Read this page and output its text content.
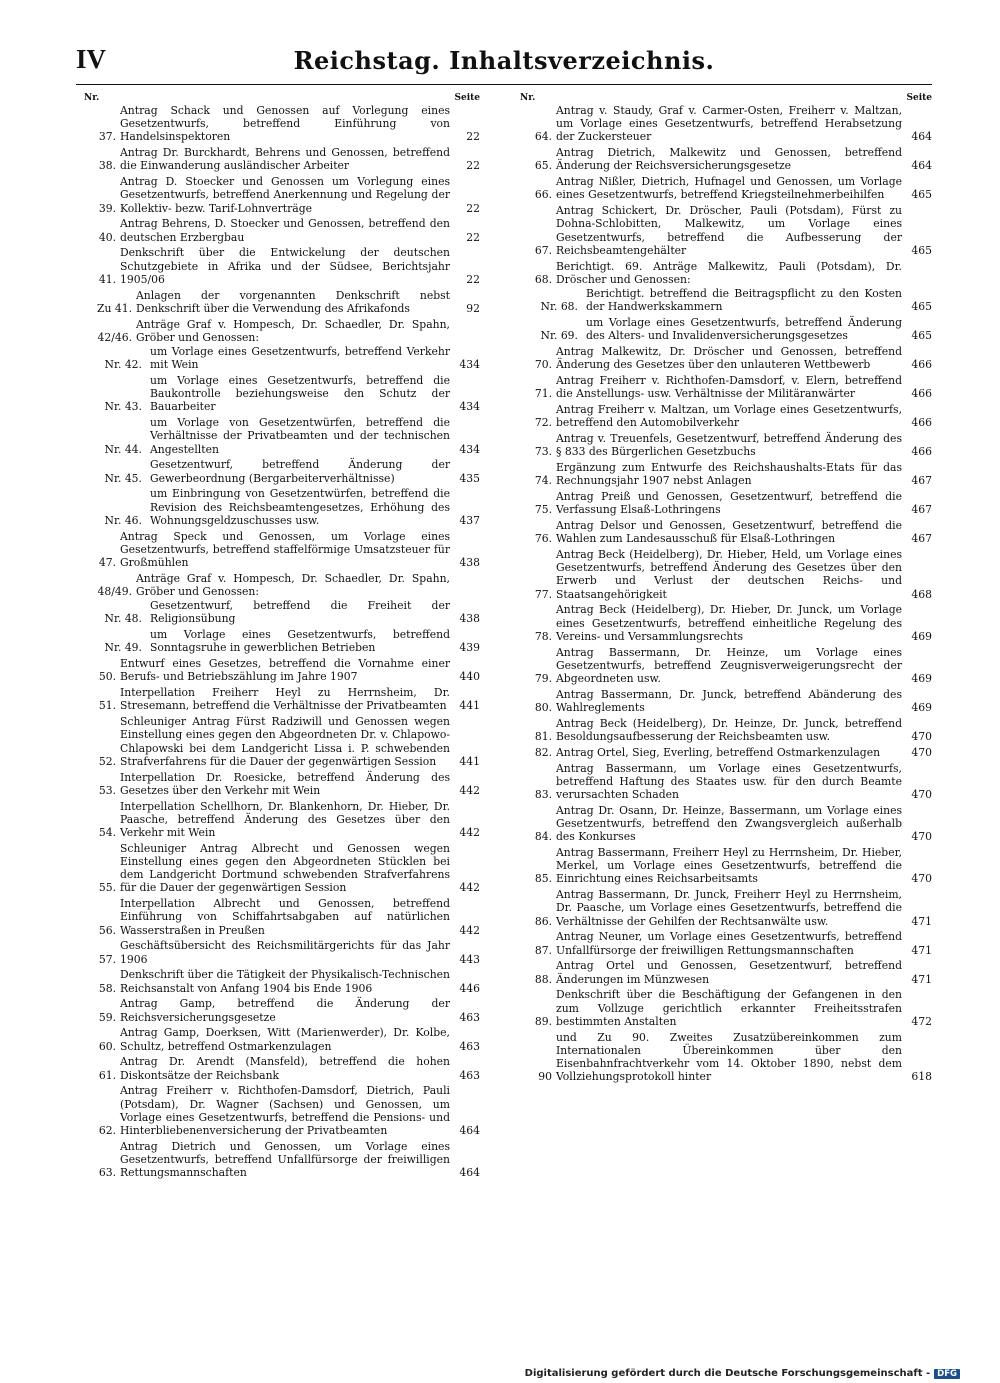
IV	Reichstag. Inhaltsverzeichnis.
Nr.	Seite
37.
Antrag Schack und Genossen auf Vorlegung eines Gesetzentwurfs, betreffend Einführung von Handelsinspektoren	22
38.
Antrag Dr. Burckhardt, Behrens und Genossen, betreffend die Einwanderung ausländischer Arbeiter	22
39.
Antrag D. Stoecker und Genossen um Vorlegung eines Gesetzentwurfs, betreffend Anerkennung und Regelung der Kollektiv- bezw. Tarif-Lohnverträge	22
40.
Antrag Behrens, D. Stoecker und Genossen, betreffend den deutschen Erzbergbau	22
41.
Denkschrift über die Entwickelung der deutschen Schutzgebiete in Afrika und der Südsee, Berichtsjahr 1905/06	22
Zu 41.
Anlagen der vorgenannten Denkschrift nebst Denkschrift über die Verwendung des Afrikafonds	92
42/46.
Anträge Graf v. Hompesch, Dr. Schaedler, Dr. Spahn, Gröber und Genossen:
Nr. 42.
um Vorlage eines Gesetzentwurfs, betreffend Verkehr mit Wein	434
Nr. 43.
um Vorlage eines Gesetzentwurfs, betreffend die Baukontrolle beziehungsweise den Schutz der Bauarbeiter	434
Nr. 44.
um Vorlage von Gesetzentwürfen, betreffend die Verhältnisse der Privatbeamten und der technischen Angestellten	434
Nr. 45.
Gesetzentwurf, betreffend Änderung der Gewerbeordnung (Bergarbeiterverhältnisse)	435
Nr. 46.
um Einbringung von Gesetzentwürfen, betreffend die Revision des Reichsbeamtengesetzes, Erhöhung des Wohnungsgeldzuschusses usw.	437
47.
Antrag Speck und Genossen, um Vorlage eines Gesetzentwurfs, betreffend staffelförmige Umsatzsteuer für Großmühlen	438
48/49.
Anträge Graf v. Hompesch, Dr. Schaedler, Dr. Spahn, Gröber und Genossen:
Nr. 48.
Gesetzentwurf, betreffend die Freiheit der Religionsübung	438
Nr. 49.
um Vorlage eines Gesetzentwurfs, betreffend Sonntagsruhe in gewerblichen Betrieben	439
50.
Entwurf eines Gesetzes, betreffend die Vornahme einer Berufs- und Betriebszählung im Jahre 1907	440
51.
Interpellation Freiherr Heyl zu Herrnsheim, Dr. Stresemann, betreffend die Verhältnisse der Privatbeamten	441
52.
Schleuniger Antrag Fürst Radziwill und Genossen wegen Einstellung eines gegen den Abgeordneten Dr. v. Chlapowo-Chlapowski bei dem Landgericht Lissa i. P. schwebenden Strafverfahrens für die Dauer der gegenwärtigen Session	441
53.
Interpellation Dr. Roesicke, betreffend Änderung des Gesetzes über den Verkehr mit Wein	442
54.
Interpellation Schellhorn, Dr. Blankenhorn, Dr. Hieber, Dr. Paasche, betreffend Änderung des Gesetzes über den Verkehr mit Wein	442
55.
Schleuniger Antrag Albrecht und Genossen wegen Einstellung eines gegen den Abgeordneten Stücklen bei dem Landgericht Dortmund schwebenden Strafverfahrens für die Dauer der gegenwärtigen Session	442
56.
Interpellation Albrecht und Genossen, betreffend Einführung von Schiffahrtsabgaben auf natürlichen Wasserstraßen in Preußen	442
57.
Geschäftsübersicht des Reichsmilitärgerichts für das Jahr 1906	443
58.
Denkschrift über die Tätigkeit der Physikalisch-Technischen Reichsanstalt von Anfang 1904 bis Ende 1906	446
59.
Antrag Gamp, betreffend die Änderung der Reichsversicherungsgesetze	463
60.
Antrag Gamp, Doerksen, Witt (Marienwerder), Dr. Kolbe, Schultz, betreffend Ostmarkenzulagen	463
61.
Antrag Dr. Arendt (Mansfeld), betreffend die hohen Diskontsätze der Reichsbank	463
62.
Antrag Freiherr v. Richthofen-Damsdorf, Dietrich, Pauli (Potsdam), Dr. Wagner (Sachsen) und Genossen, um Vorlage eines Gesetzentwurfs, betreffend die Pensions- und Hinterbliebenenversicherung der Privatbeamten	464
63.
Antrag Dietrich und Genossen, um Vorlage eines Gesetzentwurfs, betreffend Unfallfürsorge der freiwilligen Rettungsmannschaften	464
Nr.	Seite
64.
Antrag v. Staudy, Graf v. Carmer-Osten, Freiherr v. Maltzan, um Vorlage eines Gesetzentwurfs, betreffend Herabsetzung der Zuckersteuer	464
65.
Antrag Dietrich, Malkewitz und Genossen, betreffend Änderung der Reichsversicherungsgesetze	464
66.
Antrag Nißler, Dietrich, Hufnagel und Genossen, um Vorlage eines Gesetzentwurfs, betreffend Kriegsteilnehmerbeihilfen	465
67.
Antrag Schickert, Dr. Dröscher, Pauli (Potsdam), Fürst zu Dohna-Schlobitten, Malkewitz, um Vorlage eines Gesetzentwurfs, betreffend die Aufbesserung der Reichsbeamtengehälter	465
68.
Berichtigt. 69. Anträge Malkewitz, Pauli (Potsdam), Dr. Dröscher und Genossen:
Nr. 68.
Berichtigt. betreffend die Beitragspflicht zu den Kosten der Handwerkskammern	465
Nr. 69.
um Vorlage eines Gesetzentwurfs, betreffend Änderung des Alters- und Invalidenversicherungsgesetzes	465
70.
Antrag Malkewitz, Dr. Dröscher und Genossen, betreffend Änderung des Gesetzes über den unlauteren Wettbewerb	466
71.
Antrag Freiherr v. Richthofen-Damsdorf, v. Elern, betreffend die Anstellungs- usw. Verhältnisse der Militäranwärter	466
72.
Antrag Freiherr v. Maltzan, um Vorlage eines Gesetzentwurfs, betreffend den Automobilverkehr	466
73.
Antrag v. Treuenfels, Gesetzentwurf, betreffend Änderung des § 833 des Bürgerlichen Gesetzbuchs	466
74.
Ergänzung zum Entwurfe des Reichshaushalts-Etats für das Rechnungsjahr 1907 nebst Anlagen	467
75.
Antrag Preiß und Genossen, Gesetzentwurf, betreffend die Verfassung Elsaß-Lothringens	467
76.
Antrag Delsor und Genossen, Gesetzentwurf, betreffend die Wahlen zum Landesausschuß für Elsaß-Lothringen	467
77.
Antrag Beck (Heidelberg), Dr. Hieber, Held, um Vorlage eines Gesetzentwurfs, betreffend Änderung des Gesetzes über den Erwerb und Verlust der deutschen Reichs- und Staatsangehörigkeit	468
78.
Antrag Beck (Heidelberg), Dr. Hieber, Dr. Junck, um Vorlage eines Gesetzentwurfs, betreffend einheitliche Regelung des Vereins- und Versammlungsrechts	469
79.
Antrag Bassermann, Dr. Heinze, um Vorlage eines Gesetzentwurfs, betreffend Zeugnisverweigerungsrecht der Abgeordneten usw.	469
80.
Antrag Bassermann, Dr. Junck, betreffend Abänderung des Wahlreglements	469
81.
Antrag Beck (Heidelberg), Dr. Heinze, Dr. Junck, betreffend Besoldungsaufbesserung der Reichsbeamten usw.	470
82. Antrag Ortel, Sieg, Everling, betreffend Ostmarkenzulagen	470
83.
Antrag Bassermann, um Vorlage eines Gesetzentwurfs, betreffend Haftung des Staates usw. für den durch Beamte verursachten Schaden	470
84.
Antrag Dr. Osann, Dr. Heinze, Bassermann, um Vorlage eines Gesetzentwurfs, betreffend den Zwangsvergleich außerhalb des Konkurses	470
85.
Antrag Bassermann, Freiherr Heyl zu Herrnsheim, Dr. Hieber, Merkel, um Vorlage eines Gesetzentwurfs, betreffend die Einrichtung eines Reichsarbeitsamts	470
86.
Antrag Bassermann, Dr. Junck, Freiherr Heyl zu Herrnsheim, Dr. Paasche, um Vorlage eines Gesetzentwurfs, betreffend die Verhältnisse der Gehilfen der Rechtsanwälte usw.	471
87.
Antrag Neuner, um Vorlage eines Gesetzentwurfs, betreffend Unfallfürsorge der freiwilligen Rettungsmannschaften	471
88.
Antrag Ortel und Genossen, Gesetzentwurf, betreffend Änderungen im Münzwesen	471
89.
Denkschrift über die Beschäftigung der Gefangenen in den zum Vollzuge gerichtlich erkannter Freiheitsstrafen bestimmten Anstalten	472
90
und Zu 90. Zweites Zusatzübereinkommen zum Internationalen Übereinkommen über den Eisenbahnfrachtverkehr vom 14. Oktober 1890, nebst dem Vollziehungsprotokoll hinter	618
Digitalisierung gefördert durch die Deutsche Forschungsgemeinschaft - DFG
